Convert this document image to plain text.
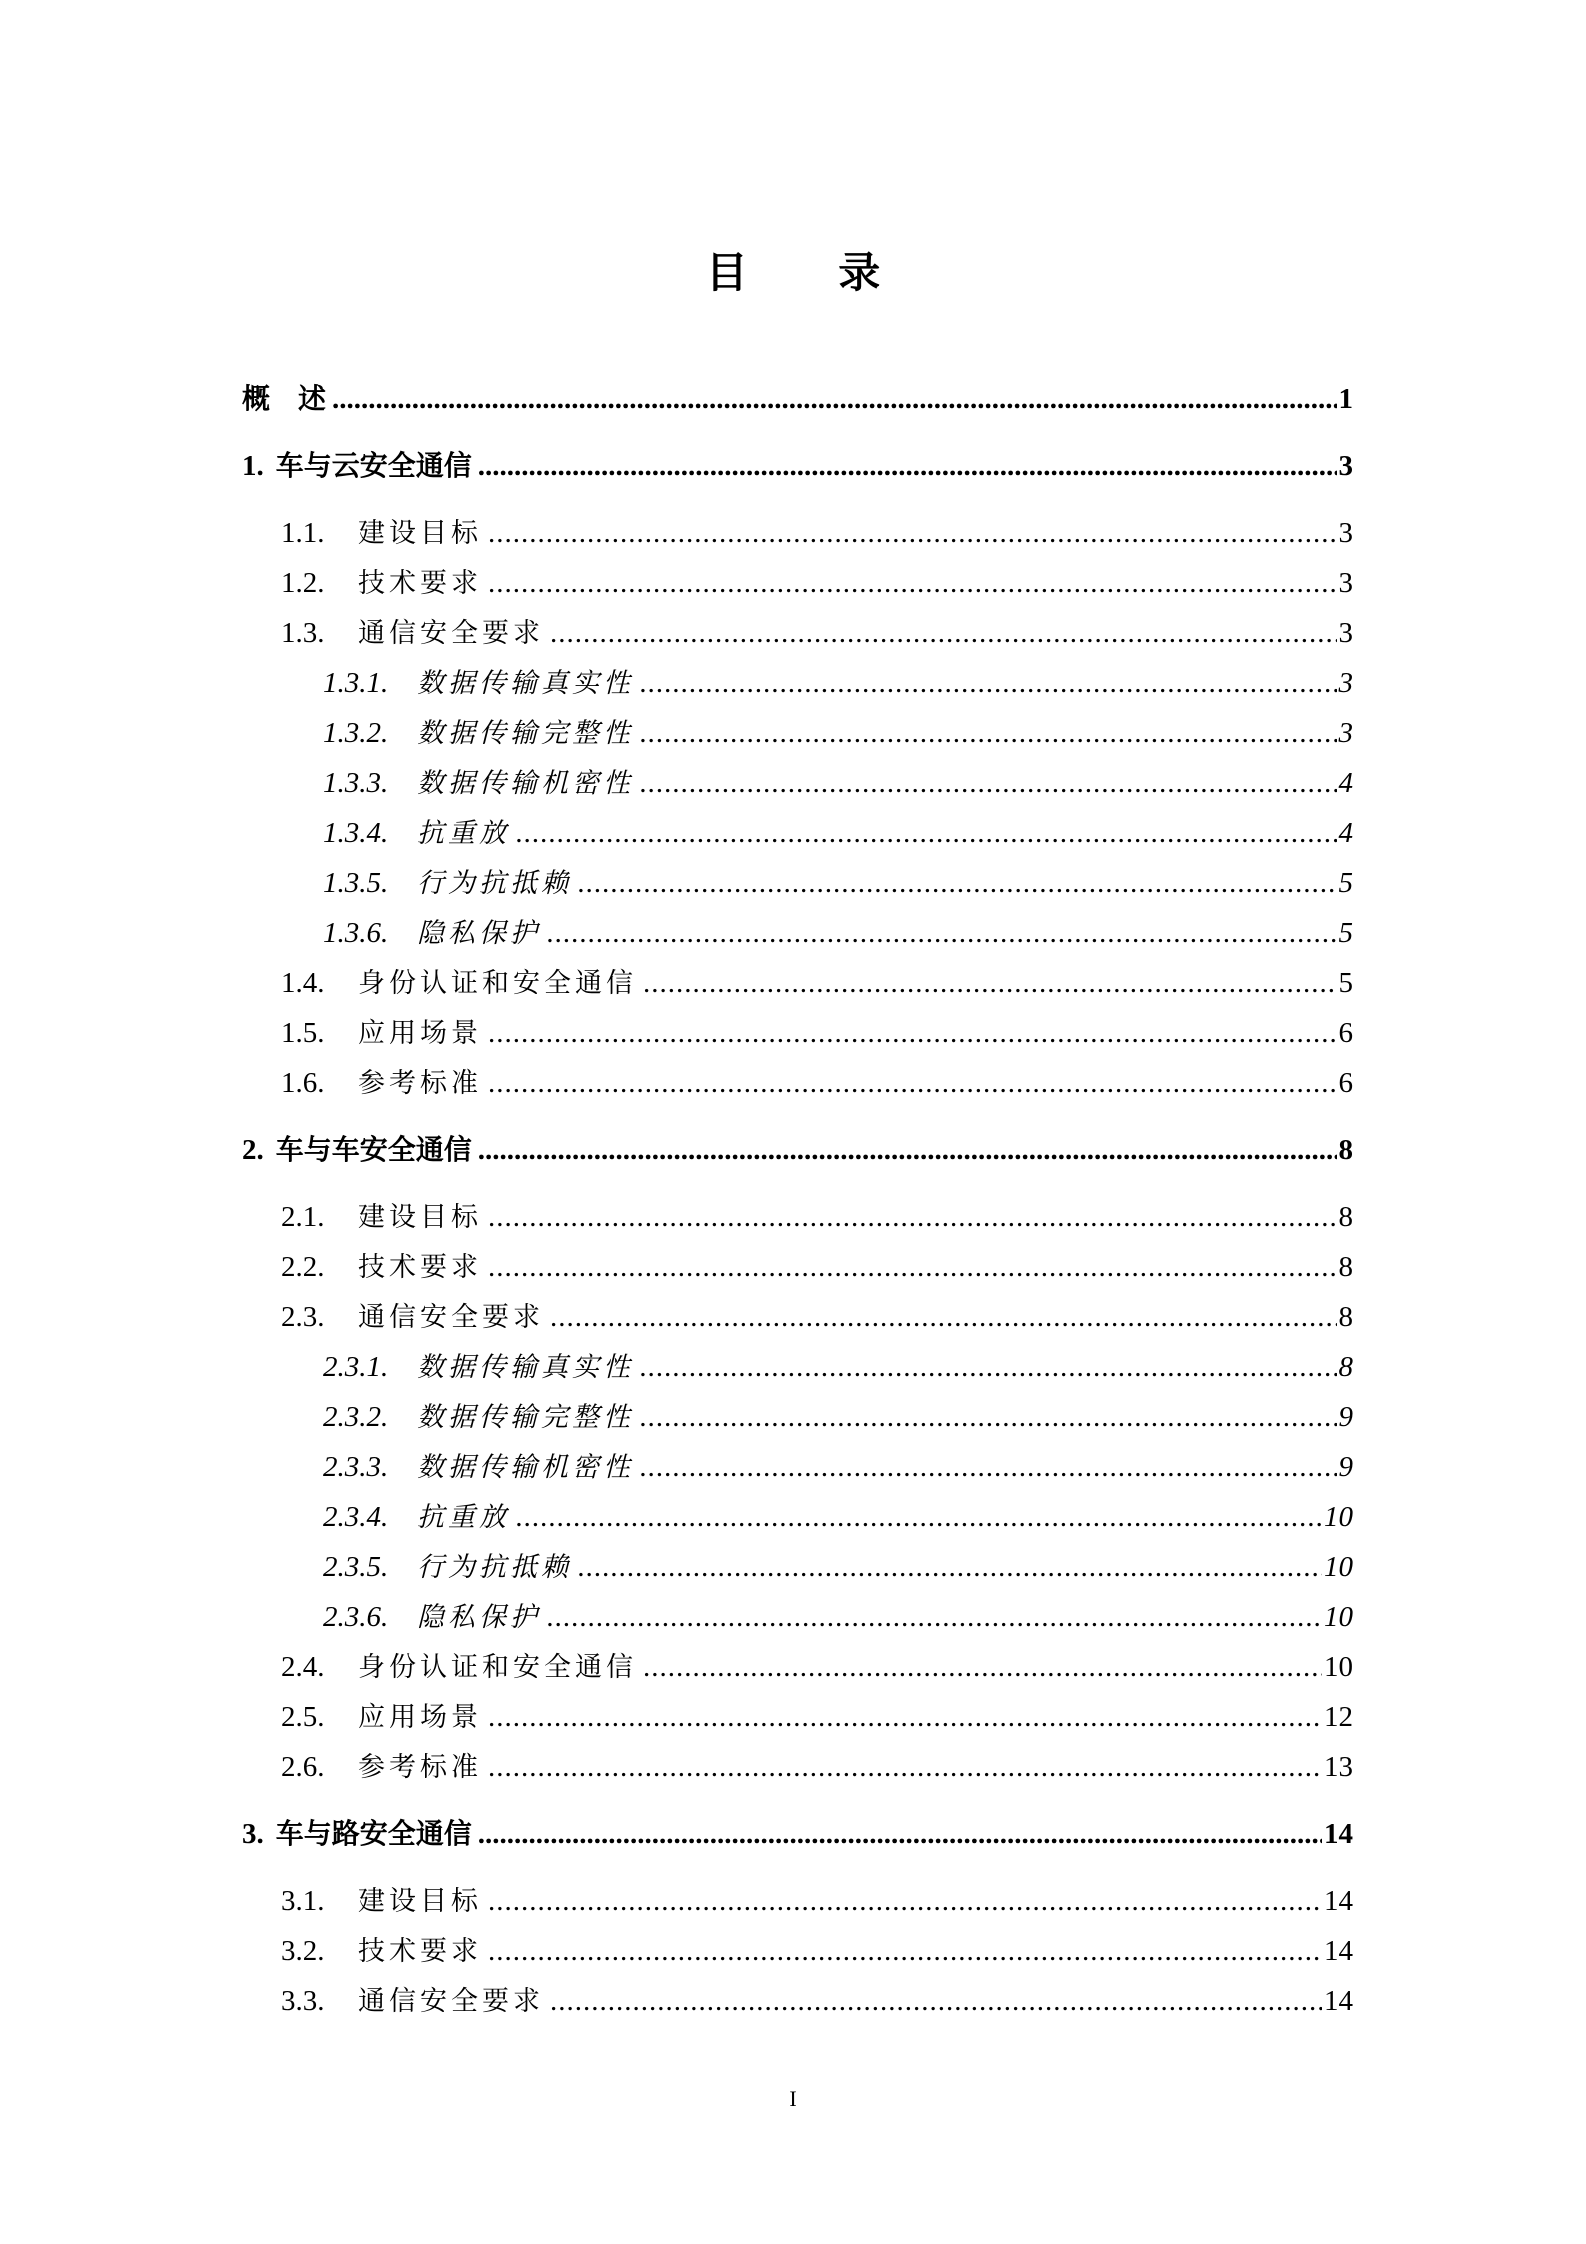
目 录
概　述 .....	1
1. 车与云安全通信 .....	3
1.1.	建设目标 .....	3
1.2.	技术要求 .....	3
1.3.	通信安全要求 .....	3
1.3.1.	数据传输真实性 .....	3
1.3.2.	数据传输完整性 .....	3
1.3.3.	数据传输机密性 .....	4
1.3.4.	抗重放 .....	4
1.3.5.	行为抗抵赖 .....	5
1.3.6.	隐私保护 .....	5
1.4.	身份认证和安全通信 .....	5
1.5.	应用场景 .....	6
1.6.	参考标准 .....	6
2. 车与车安全通信 .....	8
2.1.	建设目标 .....	8
2.2.	技术要求 .....	8
2.3.	通信安全要求 .....	8
2.3.1.	数据传输真实性 .....	8
2.3.2.	数据传输完整性 .....	9
2.3.3.	数据传输机密性 .....	9
2.3.4.	抗重放 .....	10
2.3.5.	行为抗抵赖 .....	10
2.3.6.	隐私保护 .....	10
2.4.	身份认证和安全通信 .....	10
2.5.	应用场景 .....	12
2.6.	参考标准 .....	13
3. 车与路安全通信 .....	14
3.1.	建设目标 .....	14
3.2.	技术要求 .....	14
3.3.	通信安全要求 .....	14
I
